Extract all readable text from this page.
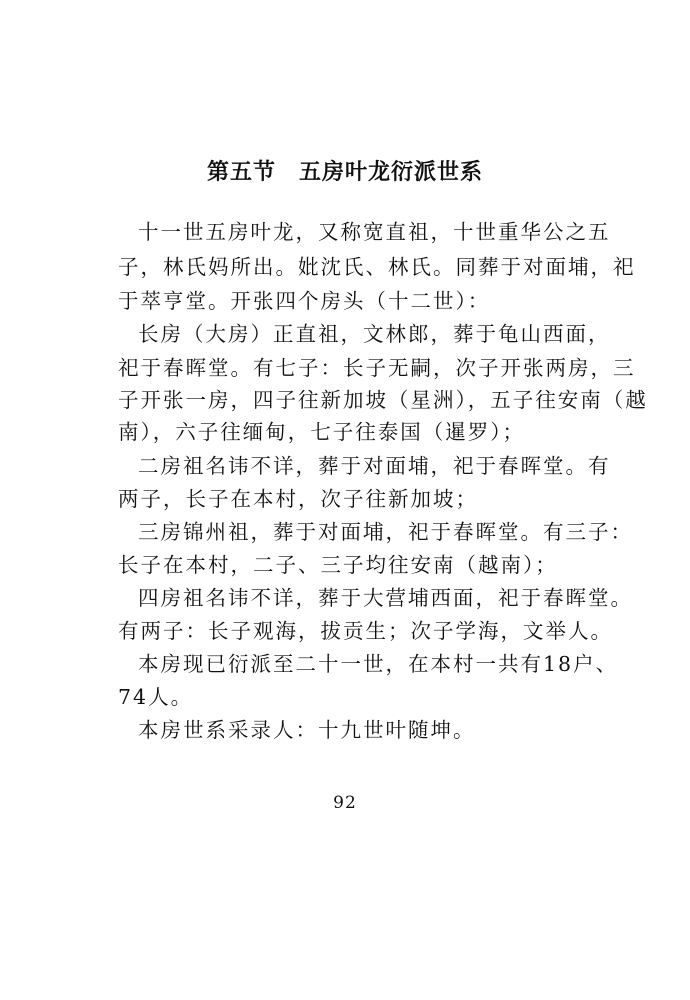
第五节　五房叶龙衍派世系
十一世五房叶龙，又称宽直祖，十世重华公之五
子，林氏妈所出。妣沈氏、林氏。同葬于对面埔，祀
于萃亨堂。开张四个房头（十二世）：
长房（大房）正直祖，文林郎，葬于龟山西面，
祀于春晖堂。有七子：长子无嗣，次子开张两房，三
子开张一房，四子往新加坡（星洲），五子往安南（越
南），六子往缅甸，七子往泰国（暹罗）；
二房祖名讳不详，葬于对面埔，祀于春晖堂。有
两子，长子在本村，次子往新加坡；
三房锦州祖，葬于对面埔，祀于春晖堂。有三子：
长子在本村，二子、三子均往安南（越南）；
四房祖名讳不详，葬于大营埔西面，祀于春晖堂。
有两子：长子观海，拔贡生；次子学海，文举人。
本房现已衍派至二十一世，在本村一共有18户、
74人。
本房世系采录人：十九世叶随坤。
92
